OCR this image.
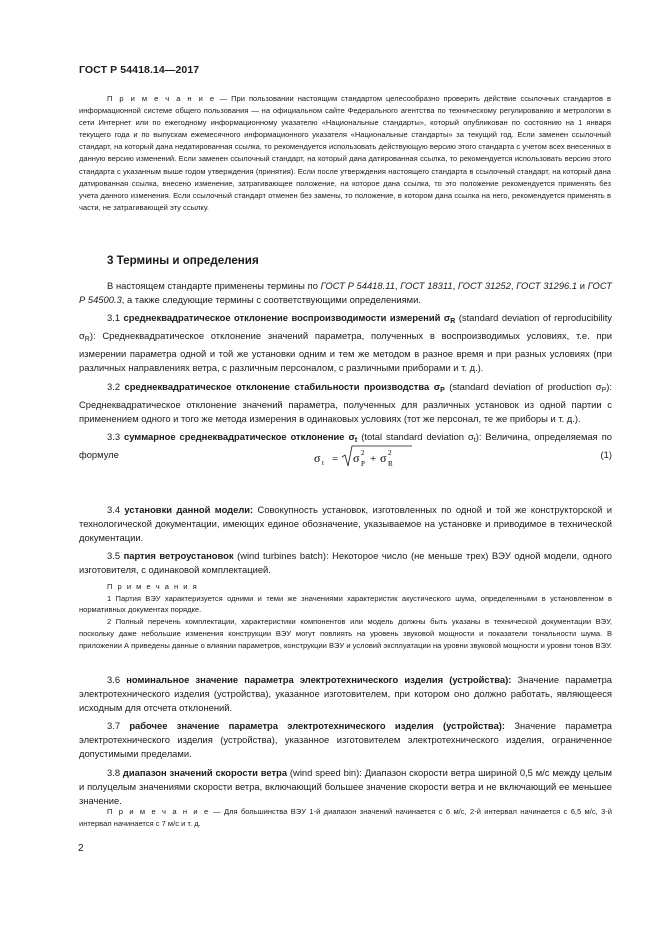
ГОСТ Р 54418.14—2017
П р и м е ч а н и е — При пользовании настоящим стандартом целесообразно проверить действие ссылочных стандартов в информационной системе общего пользования — на официальном сайте Федерального агентства по техническому регулированию и метрологии в сети Интернет или по ежегодному информационному указателю «Национальные стандарты», который опубликован по состоянию на 1 января текущего года и по выпускам ежемесячного информационного указателя «Национальные стандарты» за текущий год. Если заменен ссылочный стандарт, на который дана недатированная ссылка, то рекомендуется использовать действующую версию этого стандарта с учетом всех внесенных в данную версию изменений. Если заменен ссылочный стандарт, на который дана датированная ссылка, то рекомендуется использовать версию этого стандарта с указанным выше годом утверждения (принятия). Если после утверждения настоящего стандарта в ссылочный стандарт, на который дана датированная ссылка, внесено изменение, затрагивающее положение, на которое дана ссылка, то это положение рекомендуется применять без учета данного изменения. Если ссылочный стандарт отменен без замены, то положение, в котором дана ссылка на него, рекомендуется применять в части, не затрагивающей эту ссылку.
3 Термины и определения

В настоящем стандарте применены термины по ГОСТ Р 54418.11, ГОСТ 18311, ГОСТ 31252, ГОСТ 31296.1 и ГОСТ Р 54500.3, а также следующие термины с соответствующими определениями.

3.1 среднеквадратическое отклонение воспроизводимости измерений $\sigma_R$ (standard deviation of reproducibility $\sigma_R$): Среднеквадратическое отклонение значений параметра, полученных в воспроизводимых условиях, т.е. при измерении параметра одной и той же установки одним и тем же методом в разное время и при разных условиях (при различных направлениях ветра, с различным персоналом, с различными приборами и т. д.).

3.2 среднеквадратическое отклонение стабильности производства $\sigma_P$ (standard deviation of production $\sigma_P$): Среднеквадратическое отклонение значений параметра, полученных для различных установок из одной партии с применением одного и того же метода измерения в одинаковых условиях (тот же персонал, те же приборы и т. д.).

3.3 суммарное среднеквадратическое отклонение $\sigma_t$ (total standard deviation $\sigma_t$): Величина, определяемая по формуле	σ t = σ 2
P + σ 2
R
(1)

3.4 установки данной модели: Совокупность установок, изготовленных по одной и той же конструкторской и технологической документации, имеющих единое обозначение, указываемое на установке и приводимое в технической документации.

3.5 партия ветроустановок (wind turbines batch): Некоторое число (не меньше трех) ВЭУ одной модели, одного изготовителя, с одинаковой комплектацией.

П р и м е ч а н и я

1 Партия ВЭУ характеризуется одними и теми же значениями характеристик акустического шума, определенными в установленном в нормативных документах порядке.

2 Полный перечень комплектации, характеристики компонентов или модель должны быть указаны в технической документации ВЭУ, поскольку даже небольшие изменения конструкции ВЭУ могут повлиять на уровень звуковой мощности и показатели тональности шума. В приложении А приведены данные о влиянии параметров, конструкции ВЭУ и условий эксплуатации на уровни звуковой мощности и уровни тонов ВЭУ.

3.6 номинальное значение параметра электротехнического изделия (устройства): Значение параметра электротехнического изделия (устройства), указанное изготовителем, при котором оно должно работать, являющееся исходным для отсчета отклонений.

3.7 рабочее значение параметра электротехнического изделия (устройства): Значение параметра электротехнического изделия (устройства), указанное изготовителем электротехнического изделия, ограниченное допустимыми пределами.

3.8 диапазон значений скорости ветра (wind speed bin): Диапазон скорости ветра шириной 0,5 м/с между целым и полуцелым значениями скорости ветра, включающий большее значение скорости ветра и не включающий ее меньшее значение.

П р и м е ч а н и е — Для большинства ВЭУ 1-й диапазон значений начинается с 6 м/с, 2-й интервал начинается с 6,5 м/с, 3-й интервал начинается с 7 м/с и т. д.

2
